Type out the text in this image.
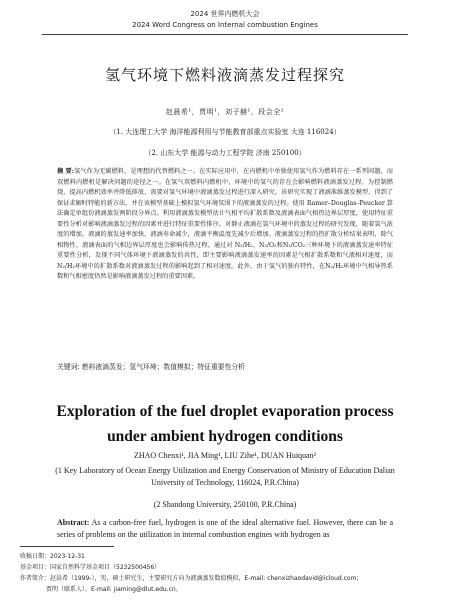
2024 世界内燃机大会
2024 Word Congress on Internal combustion Engines
氢气环境下燃料液滴蒸发过程探究
赵晨希¹，贾明¹，刘子赫¹，段会全²
（1. 大连理工大学 海洋能源利用与节能教育部重点实验室 大连 116024）
（2. 山东大学 能源与动力工程学院 济南 250100）
摘 要:氢气作为无碳燃料，是理想的代替燃料之一。在实际应用中，在内燃机中单独使用氢气作为燃料存在一系列问题，而双燃料内燃机是解决问题的途径之一。在氢气双燃料内燃机中，环境中的氢气的存在会影响燃料液滴蒸发过程。为控制燃烧、提高内燃机效率并降低排放，需要对氢气环境中液滴蒸发过程进行深入研究。该研究实现了液滴准维蒸发模型，得到了保证求解时特能的新方法，并在该模型基础上模拟氢气环境氛围下的液滴蒸发的过程。使用 Ramer–Douglas–Peucker 算法确定单组份液滴蒸发两阶段分界点。利用液滴蒸发模型估计气相平均扩散系数及液滴表面气相热边界层厚度，使用特征重要性分析对影响液滴蒸发过程的因素并进行特征重要性排序。对静止液滴在氢气环境中的蒸发过程的研究发现，随着氢气浓度的增加，液滴的蒸发速率加快，液滴寿命减少，液滴平衡温度先减少后增加。液滴蒸发过程的热扩散分析结果表明，除气相物性、液滴表面的气相边界层厚度也会影响传热过程。通过对 N₂/H₂、N₂/O₂和N₂/CO₂三种环境下的液滴蒸发速率特征重要性分析，发现不同气体环境下液滴蒸发的共性，即主要影响液滴蒸发速率的因素是气相扩散系数和气液相对速度，而N₂/H₂环境中的扩散系数对液滴蒸发过程的影响起到了相对速度。此外，由于氢气的独有特性，在N₂/H₂环境中气相导热系数和气相密度仍然是影响液滴蒸发过程的重要因素。
关键词: 燃料液滴蒸发；氢气环境；数值模拟；特征重要性分析
Exploration of the fuel droplet evaporation process
under ambient hydrogen conditions
ZHAO Chenxi¹, JIA Ming¹, LIU Zihe¹, DUAN Huiquan²
(1 Key Laboratory of Ocean Energy Utilization and Energy Conservation of Ministry of Education Dalian University of Technology, 116024, P.R.China)
(2 Shandong University, 250100, P.R.China)
Abstract: As a carbon-free fuel, hydrogen is one of the ideal alternative fuel. However, there can be a series of problems on the utilization in internal combustion engines with hydrogen as
收稿日期：2023-12-31
基金项目：国家自然科学基金项目（5232500456）
作者简介：赵晨希（1999-），男，硕士研究生，主要研究方向为液滴蒸发数值模拟，E-mail: chenxizhaodavid@icloud.com;
贾明（联系人），E-mail: jiaming@dlut.edu.cn。
